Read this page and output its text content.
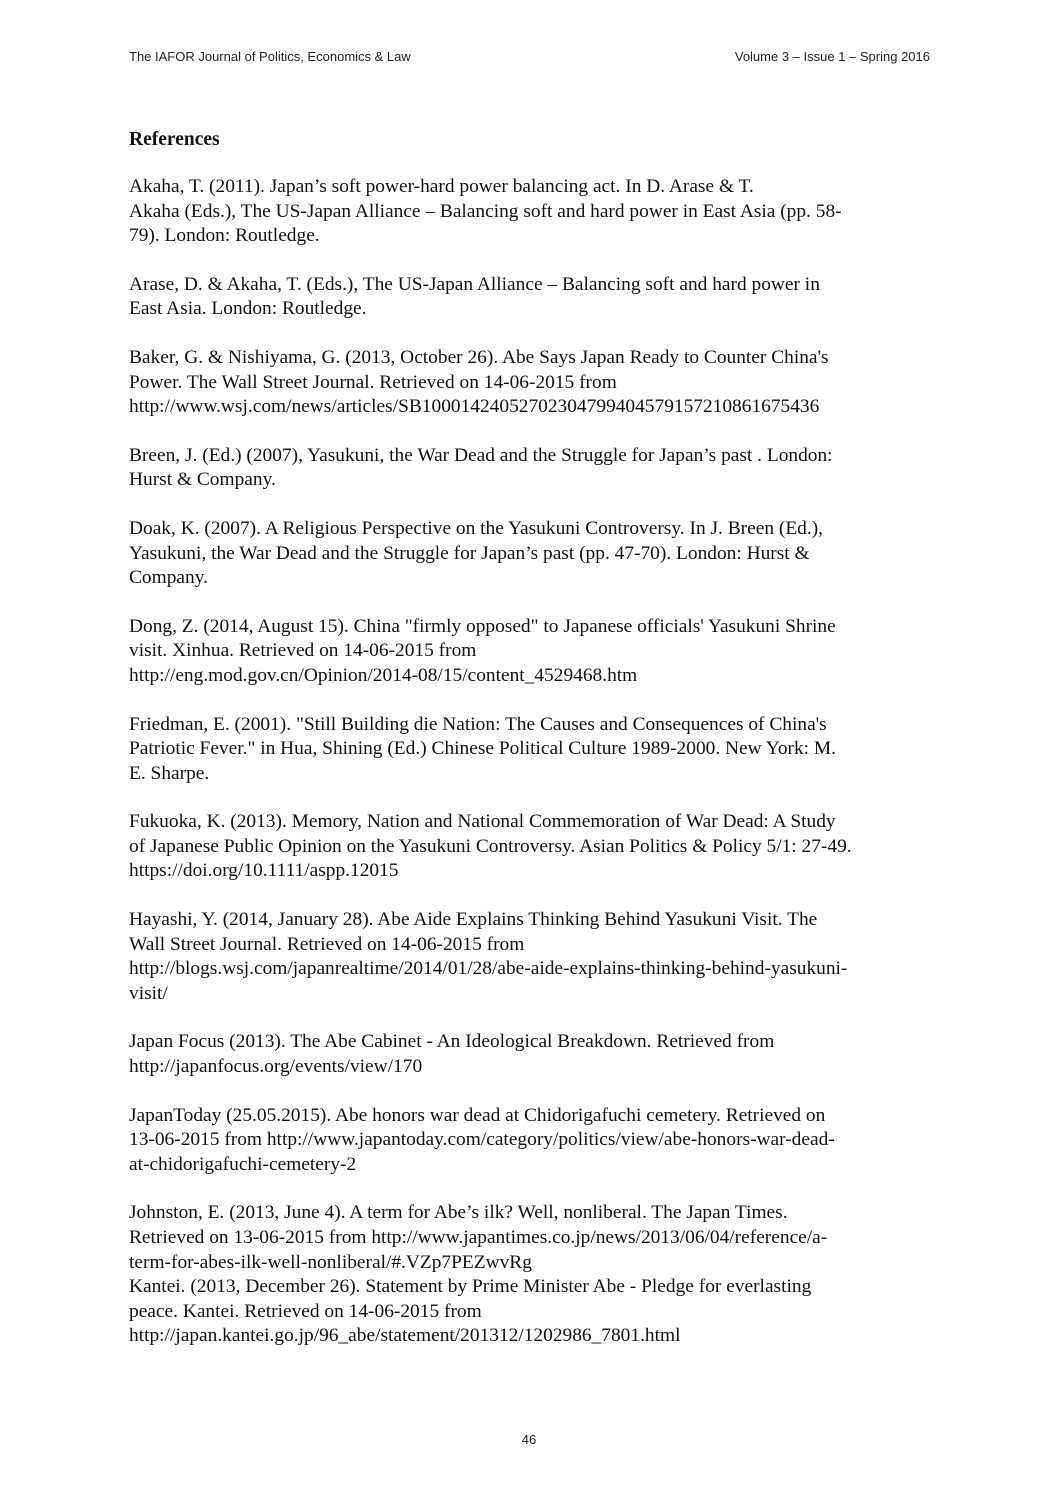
The IAFOR Journal of Politics, Economics & Law	Volume 3 – Issue 1 – Spring 2016
References
Akaha, T. (2011). Japan’s soft power-hard power balancing act. In D. Arase & T.
Akaha (Eds.), The US-Japan Alliance – Balancing soft and hard power in East Asia (pp. 58-
79). London: Routledge.
Arase, D. & Akaha, T. (Eds.), The US-Japan Alliance – Balancing soft and hard power in
East Asia. London: Routledge.
Baker, G. & Nishiyama, G. (2013, October 26). Abe Says Japan Ready to Counter China's
Power. The Wall Street Journal. Retrieved on 14-06-2015 from
http://www.wsj.com/news/articles/SB10001424052702304799404579157210861675436
Breen, J. (Ed.) (2007), Yasukuni, the War Dead and the Struggle for Japan’s past . London:
Hurst & Company.
Doak, K. (2007). A Religious Perspective on the Yasukuni Controversy. In J. Breen (Ed.),
Yasukuni, the War Dead and the Struggle for Japan’s past (pp. 47-70). London: Hurst &
Company.
Dong, Z. (2014, August 15). China "firmly opposed" to Japanese officials' Yasukuni Shrine
visit. Xinhua. Retrieved on 14-06-2015 from
http://eng.mod.gov.cn/Opinion/2014-08/15/content_4529468.htm
Friedman, E. (2001). "Still Building die Nation: The Causes and Consequences of China's
Patriotic Fever." in Hua, Shining (Ed.) Chinese Political Culture 1989-2000. New York: M.
E. Sharpe.
Fukuoka, K. (2013). Memory, Nation and National Commemoration of War Dead: A Study
of Japanese Public Opinion on the Yasukuni Controversy. Asian Politics & Policy 5/1: 27-49.
https://doi.org/10.1111/aspp.12015
Hayashi, Y. (2014, January 28). Abe Aide Explains Thinking Behind Yasukuni Visit. The
Wall Street Journal. Retrieved on 14-06-2015 from
http://blogs.wsj.com/japanrealtime/2014/01/28/abe-aide-explains-thinking-behind-yasukuni-
visit/
Japan Focus (2013). The Abe Cabinet - An Ideological Breakdown. Retrieved from
http://japanfocus.org/events/view/170
JapanToday (25.05.2015). Abe honors war dead at Chidorigafuchi cemetery. Retrieved on
13-06-2015 from http://www.japantoday.com/category/politics/view/abe-honors-war-dead-
at-chidorigafuchi-cemetery-2
Johnston, E. (2013, June 4). A term for Abe’s ilk? Well, nonliberal. The Japan Times.
Retrieved on 13-06-2015 from http://www.japantimes.co.jp/news/2013/06/04/reference/a-
term-for-abes-ilk-well-nonliberal/#.VZp7PEZwvRg
Kantei. (2013, December 26). Statement by Prime Minister Abe - Pledge for everlasting
peace. Kantei. Retrieved on 14-06-2015 from
http://japan.kantei.go.jp/96_abe/statement/201312/1202986_7801.html
46
